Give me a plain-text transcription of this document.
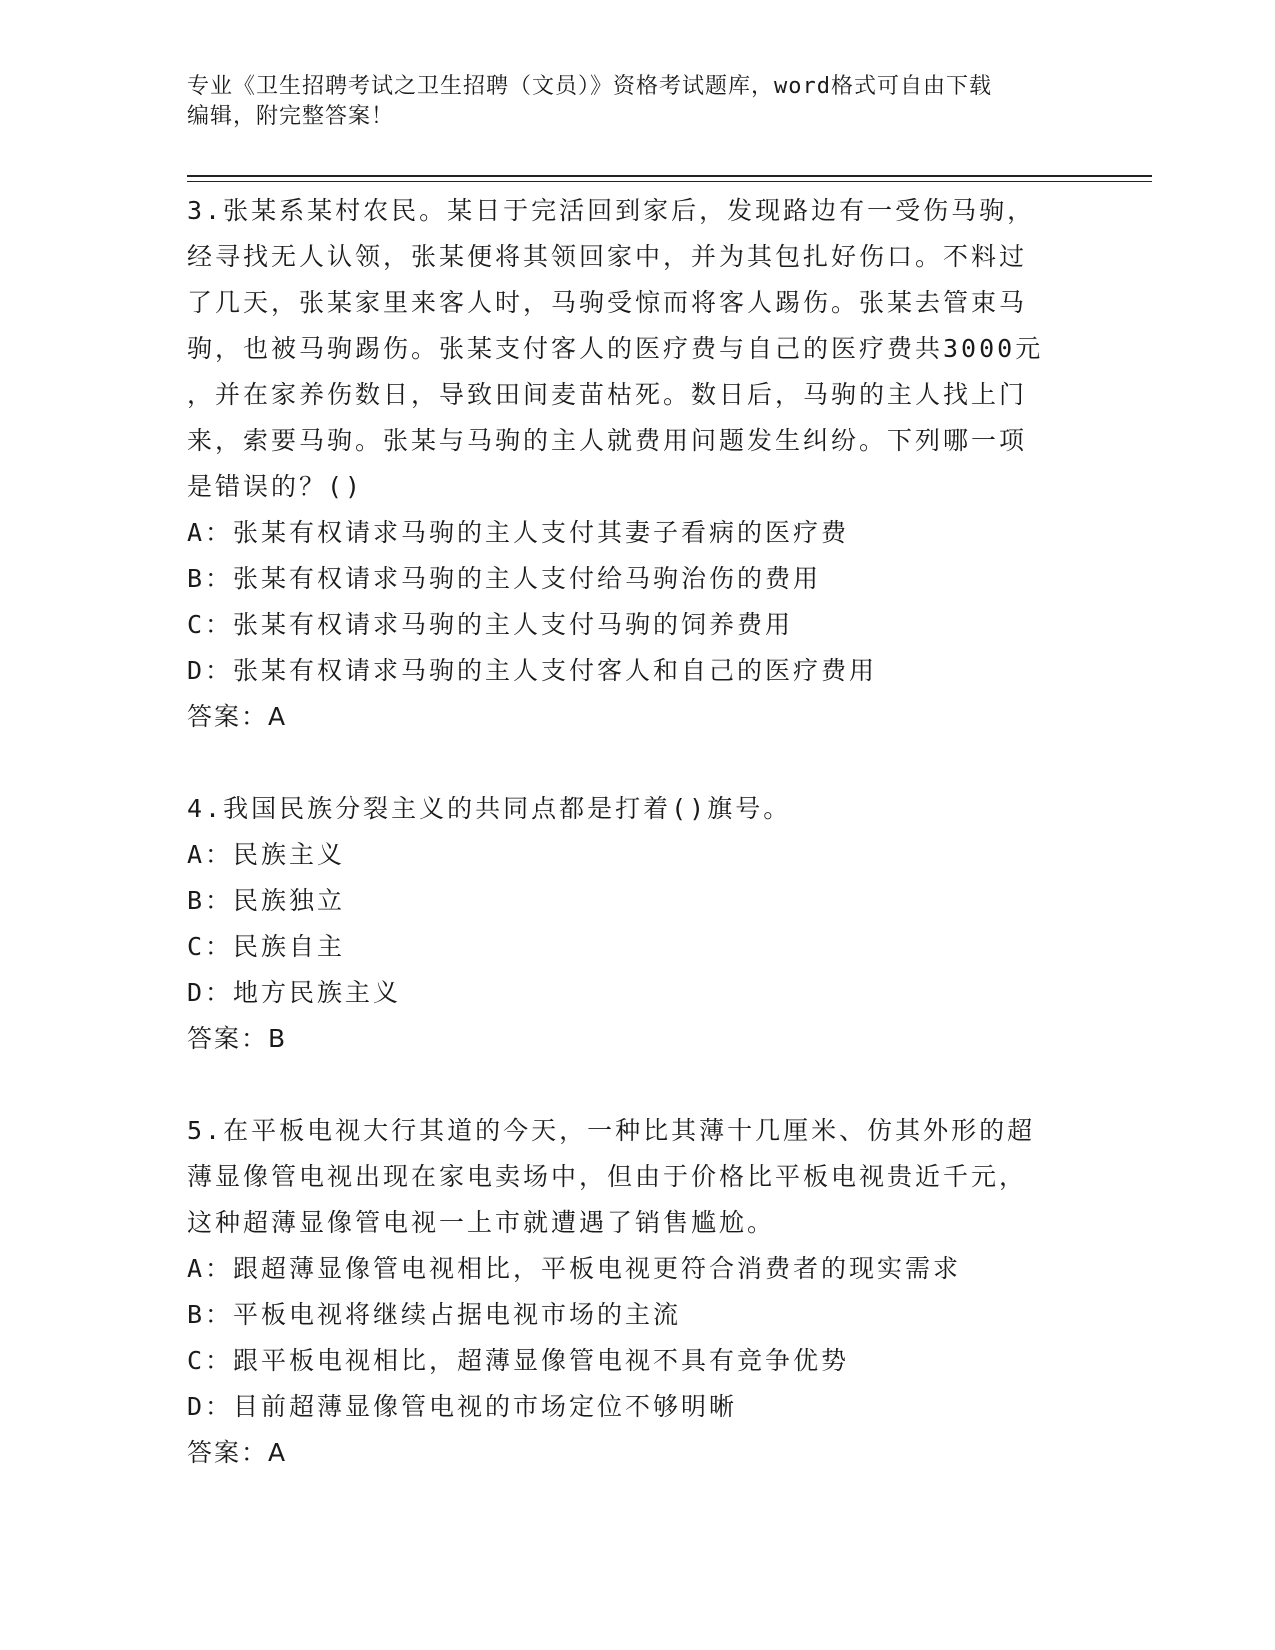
专业《卫生招聘考试之卫生招聘（文员）》资格考试题库，word格式可自由下载
编辑，附完整答案！
3.张某系某村农民。某日于完活回到家后，发现路边有一受伤马驹，
经寻找无人认领，张某便将其领回家中，并为其包扎好伤口。不料过
了几天，张某家里来客人时，马驹受惊而将客人踢伤。张某去管束马
驹，也被马驹踢伤。张某支付客人的医疗费与自己的医疗费共3000元
，并在家养伤数日，导致田间麦苗枯死。数日后，马驹的主人找上门
来，索要马驹。张某与马驹的主人就费用问题发生纠纷。下列哪一项
是错误的？()
A：张某有权请求马驹的主人支付其妻子看病的医疗费
B：张某有权请求马驹的主人支付给马驹治伤的费用
C：张某有权请求马驹的主人支付马驹的饲养费用
D：张某有权请求马驹的主人支付客人和自己的医疗费用
答案：A
4.我国民族分裂主义的共同点都是打着()旗号。
A：民族主义
B：民族独立
C：民族自主
D：地方民族主义
答案：B
5.在平板电视大行其道的今天，一种比其薄十几厘米、仿其外形的超
薄显像管电视出现在家电卖场中，但由于价格比平板电视贵近千元，
这种超薄显像管电视一上市就遭遇了销售尴尬。
A：跟超薄显像管电视相比，平板电视更符合消费者的现实需求
B：平板电视将继续占据电视市场的主流
C：跟平板电视相比，超薄显像管电视不具有竞争优势
D：目前超薄显像管电视的市场定位不够明晰
答案：A
